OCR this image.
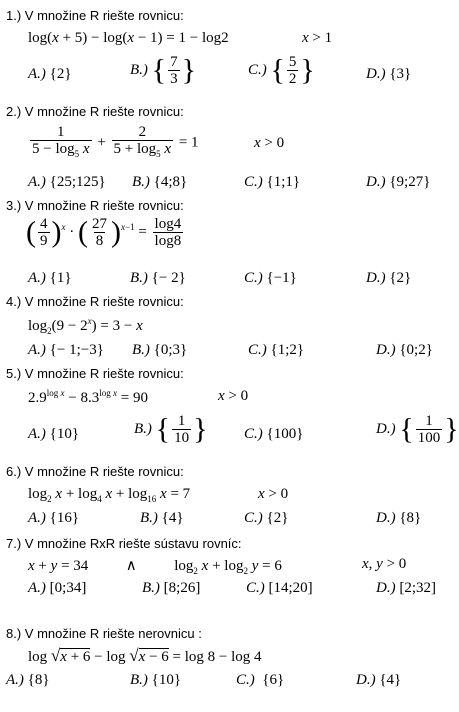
1.) V množine R riešte rovnicu:
log(x + 5) − log(x − 1) = 1 − log2	x > 1
A.) {2}	B.) { $\frac{7}{3}$ }	C.) { $\frac{5}{2}$ }	D.) {3}
2.) V množine R riešte rovnicu:
$\frac{1}{5 - \log_5 x} + \frac{2}{5 + \log_5 x} = 1$	x > 0
A.) {25;125} B.) {4;8}	C.) {1;1}	D.) {9;27}
3.) V množine R riešte rovnicu:
( $\frac{4}{9} )^x$ · ( $\frac{27}{8} )^{x-1} = \frac{\log 4}{\log 8}$
A.) {1}	B.) {− 2}	C.) {−1}	D.) {2}
4.) V množine R riešte rovnicu:
$\log_2(9 - 2^x) = 3 - x$
A.) {− 1;−3} B.) {0;3}	C.) {1;2}	D.) {0;2}
5.) V množine R riešte rovnicu:
$2.9^{log x} - 8.3^{log x} = 90$	x > 0
A.) {10}	B.) { $\frac{1}{10}$ } C.) {100}	D.) { $\frac{1}{100}$ }
6.) V množine R riešte rovnicu:
$\log_2 x + \log_4 x + \log_{16} x = 7$	x > 0
A.) {16}	B.) {4}	C.) {2}	D.) {8}
7.) V množine RxR riešte sústavu rovníc:
x + y = 34          ∧          $\log_2 x + \log_2 y = 6$	x, y > 0
A.) [0;34]	B.) [8;26]	C.) [14;20]	D.) [2;32]
8.) V množine R riešte nerovnicu :
log √x + 6 − log √x − 6 = log 8 − log 4
A.) {8}	B.) {10}	C.)  {6}	D.) {4}
